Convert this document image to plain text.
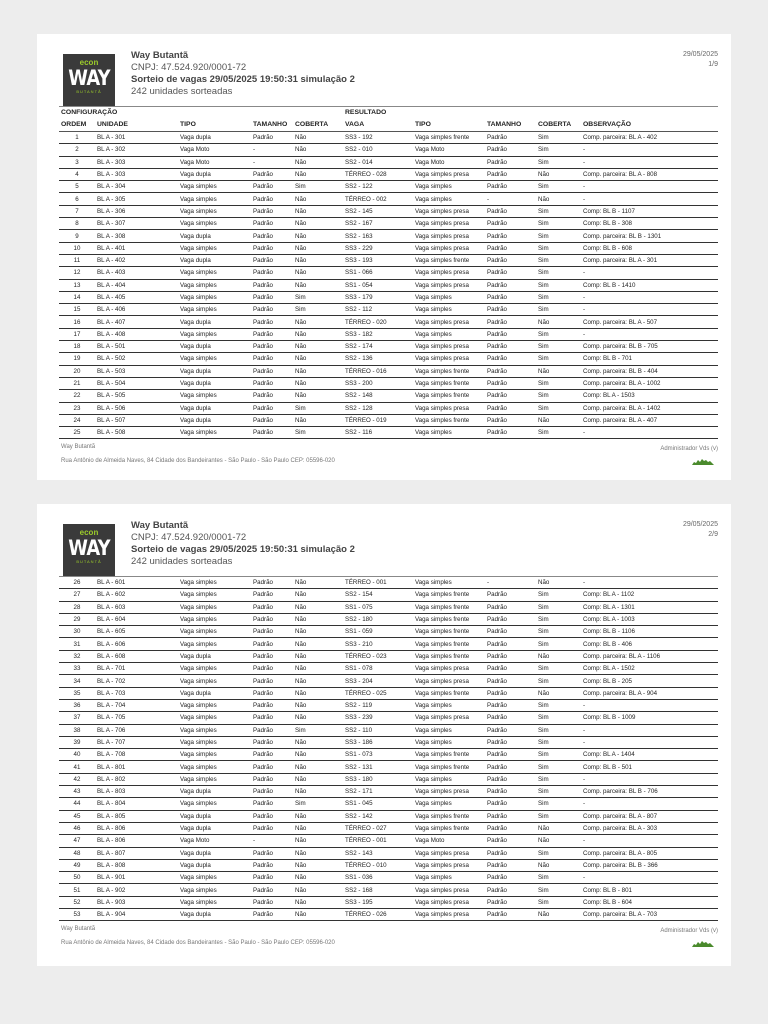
econ
WAY
BUTANTÃ
Way Butantã
CNPJ: 47.524.920/0001-72
Sorteio de vagas 29/05/2025 19:50:31 simulação 2
242 unidades sorteadas
29/05/2025
1/9
CONFIGURAÇÃO	RESULTADO
ORDEM	UNIDADE	TIPO	TAMANHO	COBERTA	VAGA	TIPO	TAMANHO	COBERTA	OBSERVAÇÃO
1	BL A - 301	Vaga dupla	Padrão	Não	SS3 - 192	Vaga simples frente	Padrão	Sim	Comp. parceira: BL A - 402
2	BL A - 302	Vaga Moto	-	Não	SS2 - 010	Vaga Moto	Padrão	Sim	-
3	BL A - 303	Vaga Moto	-	Não	SS2 - 014	Vaga Moto	Padrão	Sim	-
4	BL A - 303	Vaga dupla	Padrão	Não	TÉRREO - 028	Vaga simples presa	Padrão	Não	Comp. parceira: BL A - 808
5	BL A - 304	Vaga simples	Padrão	Sim	SS2 - 122	Vaga simples	Padrão	Sim	-
6	BL A - 305	Vaga simples	Padrão	Não	TÉRREO - 002	Vaga simples	-	Não	-
7	BL A - 306	Vaga simples	Padrão	Não	SS2 - 145	Vaga simples presa	Padrão	Sim	Comp: BL B - 1107
8	BL A - 307	Vaga simples	Padrão	Não	SS2 - 167	Vaga simples presa	Padrão	Sim	Comp: BL B - 308
9	BL A - 308	Vaga dupla	Padrão	Não	SS2 - 163	Vaga simples presa	Padrão	Sim	Comp. parceira: BL B - 1301
10	BL A - 401	Vaga simples	Padrão	Não	SS3 - 229	Vaga simples presa	Padrão	Sim	Comp: BL B - 608
11	BL A - 402	Vaga dupla	Padrão	Não	SS3 - 193	Vaga simples frente	Padrão	Sim	Comp. parceira: BL A - 301
12	BL A - 403	Vaga simples	Padrão	Não	SS1 - 066	Vaga simples presa	Padrão	Sim	-
13	BL A - 404	Vaga simples	Padrão	Não	SS1 - 054	Vaga simples presa	Padrão	Sim	Comp: BL B - 1410
14	BL A - 405	Vaga simples	Padrão	Sim	SS3 - 179	Vaga simples	Padrão	Sim	-
15	BL A - 406	Vaga simples	Padrão	Sim	SS2 - 112	Vaga simples	Padrão	Sim	-
16	BL A - 407	Vaga dupla	Padrão	Não	TÉRREO - 020	Vaga simples presa	Padrão	Não	Comp. parceira: BL A - 507
17	BL A - 408	Vaga simples	Padrão	Não	SS3 - 182	Vaga simples	Padrão	Sim	-
18	BL A - 501	Vaga dupla	Padrão	Não	SS2 - 174	Vaga simples presa	Padrão	Sim	Comp. parceira: BL B - 705
19	BL A - 502	Vaga simples	Padrão	Não	SS2 - 136	Vaga simples presa	Padrão	Sim	Comp: BL B - 701
20	BL A - 503	Vaga dupla	Padrão	Não	TÉRREO - 016	Vaga simples frente	Padrão	Não	Comp. parceira: BL B - 404
21	BL A - 504	Vaga dupla	Padrão	Não	SS3 - 200	Vaga simples frente	Padrão	Sim	Comp. parceira: BL A - 1002
22	BL A - 505	Vaga simples	Padrão	Não	SS2 - 148	Vaga simples frente	Padrão	Sim	Comp: BL A - 1503
23	BL A - 506	Vaga dupla	Padrão	Sim	SS2 - 128	Vaga simples presa	Padrão	Sim	Comp. parceira: BL A - 1402
24	BL A - 507	Vaga dupla	Padrão	Não	TÉRREO - 019	Vaga simples frente	Padrão	Não	Comp. parceira: BL A - 407
25	BL A - 508	Vaga simples	Padrão	Sim	SS2 - 116	Vaga simples	Padrão	Sim	-
Way Butantã
Rua Antônio de Almeida Naves, 84 Cidade dos Bandeirantes - São Paulo - São Paulo CEP: 05596-020
Administrador Vds (v)
econ
WAY
BUTANTÃ
Way Butantã
CNPJ: 47.524.920/0001-72
Sorteio de vagas 29/05/2025 19:50:31 simulação 2
242 unidades sorteadas
29/05/2025
2/9
26	BL A - 601	Vaga simples	Padrão	Não	TÉRREO - 001	Vaga simples	-	Não	-
27	BL A - 602	Vaga simples	Padrão	Não	SS2 - 154	Vaga simples frente	Padrão	Sim	Comp: BL A - 1102
28	BL A - 603	Vaga simples	Padrão	Não	SS1 - 075	Vaga simples frente	Padrão	Sim	Comp: BL A - 1301
29	BL A - 604	Vaga simples	Padrão	Não	SS2 - 180	Vaga simples frente	Padrão	Sim	Comp: BL A - 1003
30	BL A - 605	Vaga simples	Padrão	Não	SS1 - 059	Vaga simples frente	Padrão	Sim	Comp: BL B - 1106
31	BL A - 606	Vaga simples	Padrão	Não	SS3 - 210	Vaga simples frente	Padrão	Sim	Comp: BL B - 406
32	BL A - 608	Vaga dupla	Padrão	Não	TÉRREO - 023	Vaga simples frente	Padrão	Não	Comp. parceira: BL A - 1106
33	BL A - 701	Vaga simples	Padrão	Não	SS1 - 078	Vaga simples presa	Padrão	Sim	Comp: BL A - 1502
34	BL A - 702	Vaga simples	Padrão	Não	SS3 - 204	Vaga simples presa	Padrão	Sim	Comp: BL B - 205
35	BL A - 703	Vaga dupla	Padrão	Não	TÉRREO - 025	Vaga simples frente	Padrão	Não	Comp. parceira: BL A - 904
36	BL A - 704	Vaga simples	Padrão	Não	SS2 - 119	Vaga simples	Padrão	Sim	-
37	BL A - 705	Vaga simples	Padrão	Não	SS3 - 239	Vaga simples presa	Padrão	Sim	Comp: BL B - 1009
38	BL A - 706	Vaga simples	Padrão	Sim	SS2 - 110	Vaga simples	Padrão	Sim	-
39	BL A - 707	Vaga simples	Padrão	Não	SS3 - 186	Vaga simples	Padrão	Sim	-
40	BL A - 708	Vaga simples	Padrão	Não	SS1 - 073	Vaga simples frente	Padrão	Sim	Comp: BL A - 1404
41	BL A - 801	Vaga simples	Padrão	Não	SS2 - 131	Vaga simples frente	Padrão	Sim	Comp: BL B - 501
42	BL A - 802	Vaga simples	Padrão	Não	SS3 - 180	Vaga simples	Padrão	Sim	-
43	BL A - 803	Vaga dupla	Padrão	Não	SS2 - 171	Vaga simples presa	Padrão	Sim	Comp. parceira: BL B - 706
44	BL A - 804	Vaga simples	Padrão	Sim	SS1 - 045	Vaga simples	Padrão	Sim	-
45	BL A - 805	Vaga dupla	Padrão	Não	SS2 - 142	Vaga simples frente	Padrão	Sim	Comp. parceira: BL A - 807
46	BL A - 806	Vaga dupla	Padrão	Não	TÉRREO - 027	Vaga simples frente	Padrão	Não	Comp. parceira: BL A - 303
47	BL A - 806	Vaga Moto	-	Não	TÉRREO - 001	Vaga Moto	Padrão	Não	-
48	BL A - 807	Vaga dupla	Padrão	Não	SS2 - 143	Vaga simples presa	Padrão	Sim	Comp. parceira: BL A - 805
49	BL A - 808	Vaga dupla	Padrão	Não	TÉRREO - 010	Vaga simples presa	Padrão	Não	Comp. parceira: BL B - 366
50	BL A - 901	Vaga simples	Padrão	Não	SS1 - 036	Vaga simples	Padrão	Sim	-
51	BL A - 902	Vaga simples	Padrão	Não	SS2 - 168	Vaga simples presa	Padrão	Sim	Comp: BL B - 801
52	BL A - 903	Vaga simples	Padrão	Não	SS3 - 195	Vaga simples presa	Padrão	Sim	Comp: BL B - 604
53	BL A - 904	Vaga dupla	Padrão	Não	TÉRREO - 026	Vaga simples presa	Padrão	Não	Comp. parceira: BL A - 703
Way Butantã
Rua Antônio de Almeida Naves, 84 Cidade dos Bandeirantes - São Paulo - São Paulo CEP: 05596-020
Administrador Vds (v)
